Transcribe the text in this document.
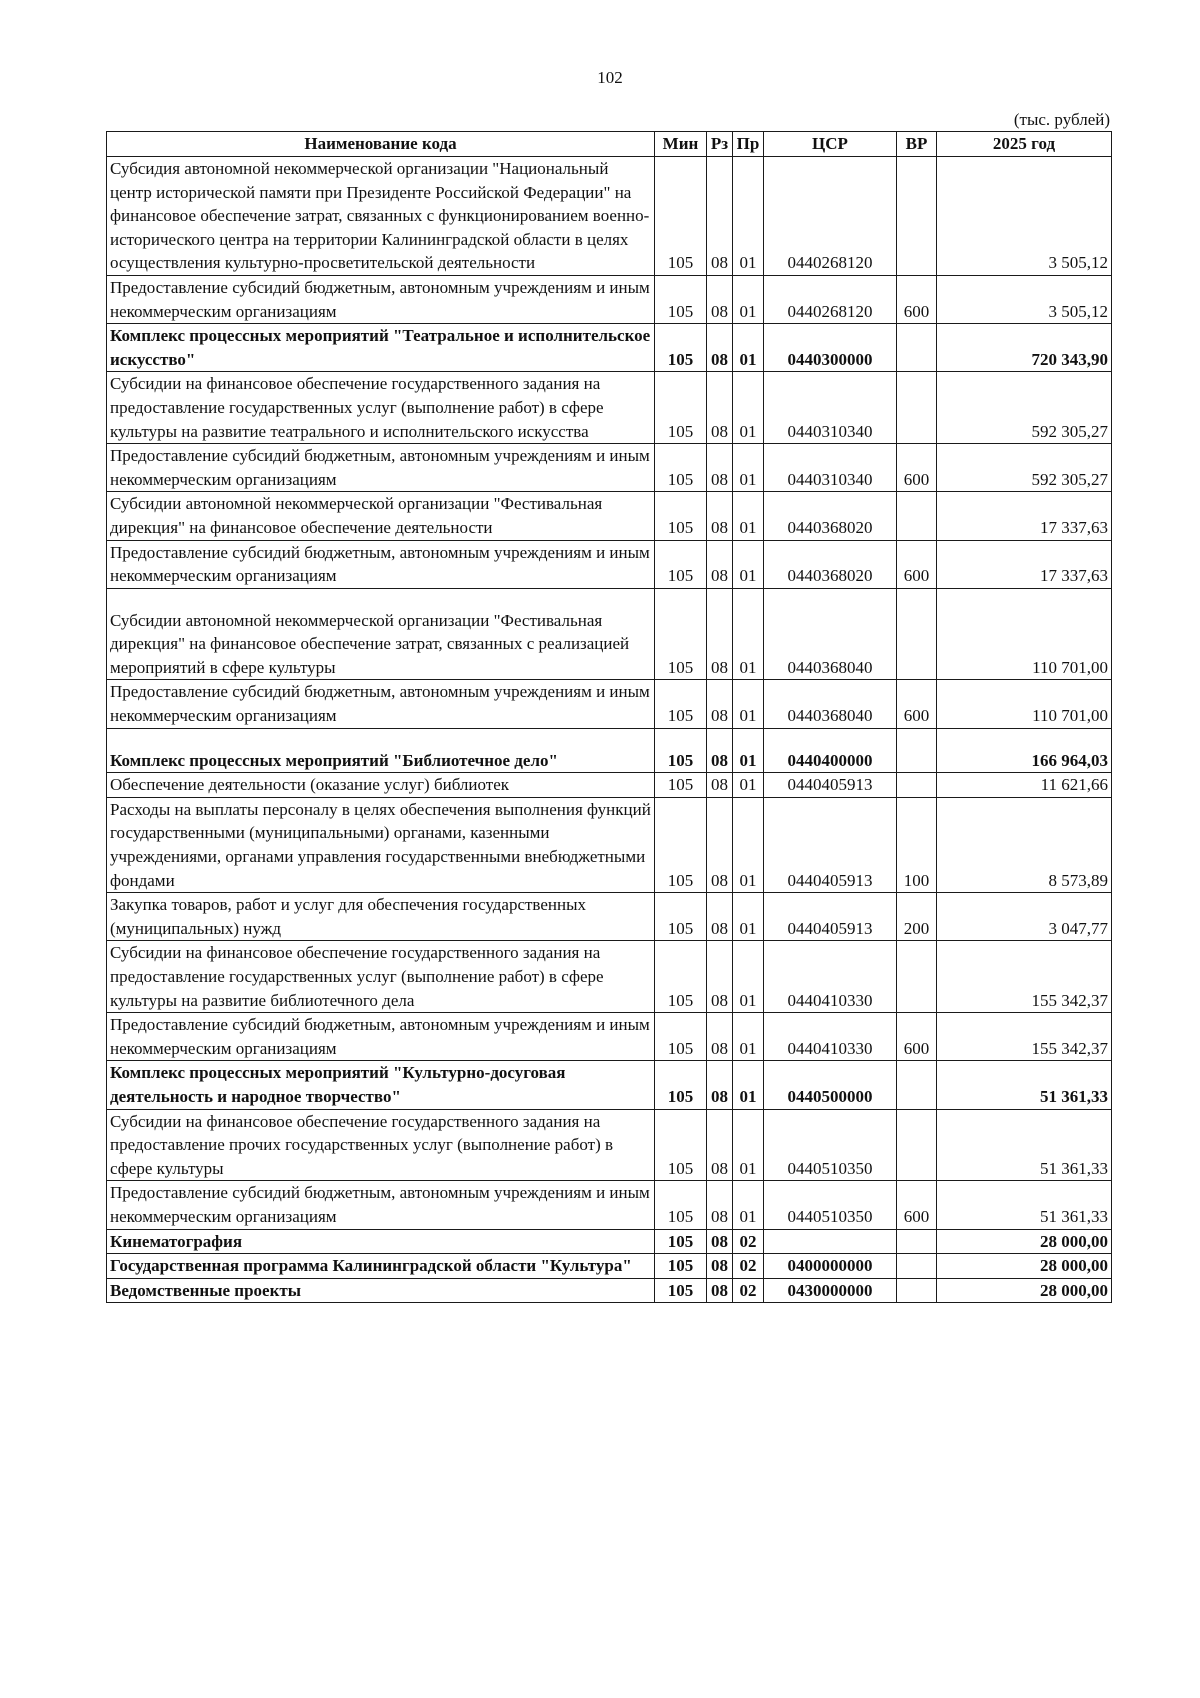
102
(тыс. рублей)
Наименование кода	Мин	Рз	Пр	ЦСР	ВР	2025 год
Субсидия автономной некоммерческой организации "Национальный центр исторической памяти при Президенте Российской Федерации" на финансовое обеспечение затрат, связанных с функционированием военно-исторического центра на территории Калининградской области в целях осуществления культурно-просветительской деятельности	105	08	01	0440268120		3 505,12
Предоставление субсидий бюджетным, автономным учреждениям и иным некоммерческим организациям	105	08	01	0440268120	600	3 505,12
Комплекс процессных мероприятий "Театральное и исполнительское искусство"	105	08	01	0440300000		720 343,90
Субсидии на финансовое обеспечение государственного задания на предоставление государственных услуг (выполнение работ) в сфере культуры на развитие театрального и исполнительского искусства	105	08	01	0440310340		592 305,27
Предоставление субсидий бюджетным, автономным учреждениям и иным некоммерческим организациям	105	08	01	0440310340	600	592 305,27
Субсидии автономной некоммерческой организации "Фестивальная дирекция" на финансовое обеспечение деятельности	105	08	01	0440368020		17 337,63
Предоставление субсидий бюджетным, автономным учреждениям и иным некоммерческим организациям	105	08	01	0440368020	600	17 337,63
Субсидии автономной некоммерческой организации "Фестивальная дирекция" на финансовое обеспечение затрат, связанных с реализацией мероприятий в сфере культуры	105	08	01	0440368040		110 701,00
Предоставление субсидий бюджетным, автономным учреждениям и иным некоммерческим организациям	105	08	01	0440368040	600	110 701,00
Комплекс процессных мероприятий "Библиотечное дело"	105	08	01	0440400000		166 964,03
Обеспечение деятельности (оказание услуг) библиотек	105	08	01	0440405913		11 621,66
Расходы на выплаты персоналу в целях обеспечения выполнения функций государственными (муниципальными) органами, казенными учреждениями, органами управления государственными внебюджетными фондами	105	08	01	0440405913	100	8 573,89
Закупка товаров, работ и услуг для обеспечения государственных (муниципальных) нужд	105	08	01	0440405913	200	3 047,77
Субсидии на финансовое обеспечение государственного задания на предоставление государственных услуг (выполнение работ) в сфере культуры на развитие библиотечного дела	105	08	01	0440410330		155 342,37
Предоставление субсидий бюджетным, автономным учреждениям и иным некоммерческим организациям	105	08	01	0440410330	600	155 342,37
Комплекс процессных мероприятий "Культурно-досуговая деятельность и народное творчество"	105	08	01	0440500000		51 361,33
Субсидии на финансовое обеспечение государственного задания на предоставление прочих государственных услуг (выполнение работ) в сфере культуры	105	08	01	0440510350		51 361,33
Предоставление субсидий бюджетным, автономным учреждениям и иным некоммерческим организациям	105	08	01	0440510350	600	51 361,33
Кинематография	105	08	02			28 000,00
Государственная программа Калининградской области "Культура"	105	08	02	0400000000		28 000,00
Ведомственные проекты	105	08	02	0430000000		28 000,00
